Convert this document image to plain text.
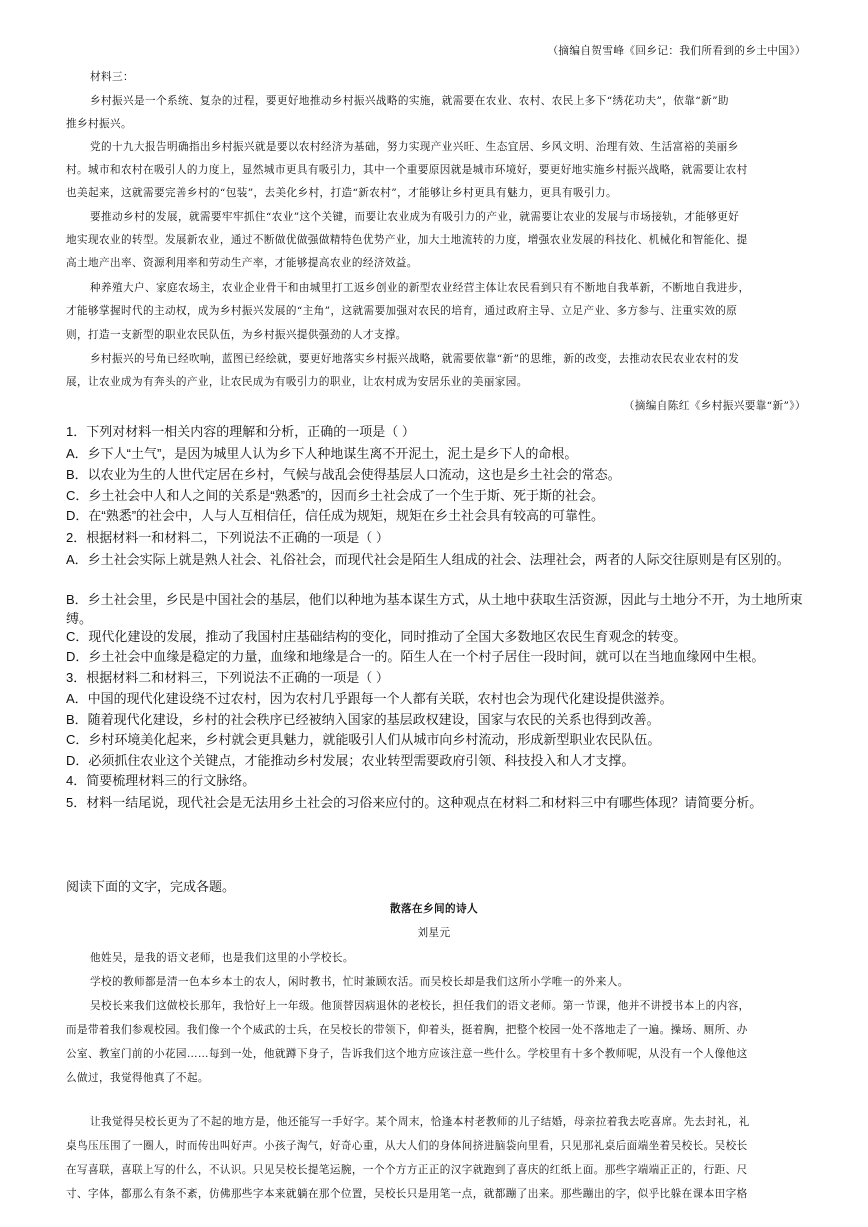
（摘编自贺雪峰《回乡记：我们所看到的乡土中国》）
材料三：
乡村振兴是一个系统、复杂的过程，要更好地推动乡村振兴战略的实施，就需要在农业、农村、农民上多下“绣花功夫”，依靠“新”助
推乡村振兴。
党的十九大报告明确指出乡村振兴就是要以农村经济为基础，努力实现产业兴旺、生态宜居、乡风文明、治理有效、生活富裕的美丽乡
村。城市和农村在吸引人的力度上，显然城市更具有吸引力，其中一个重要原因就是城市环境好，要更好地实施乡村振兴战略，就需要让农村
也美起来，这就需要完善乡村的“包装”，去美化乡村，打造“新农村”，才能够让乡村更具有魅力，更具有吸引力。
要推动乡村的发展，就需要牢牢抓住“农业”这个关键，而要让农业成为有吸引力的产业，就需要让农业的发展与市场接轨，才能够更好
地实现农业的转型。发展新农业，通过不断做优做强做精特色优势产业，加大土地流转的力度，增强农业发展的科技化、机械化和智能化、提
高土地产出率、资源利用率和劳动生产率，才能够提高农业的经济效益。
种养殖大户、家庭农场主，农业企业骨干和由城里打工返乡创业的新型农业经营主体让农民看到只有不断地自我革新，不断地自我进步，
才能够掌握时代的主动权，成为乡村振兴发展的“主角”，这就需要加强对农民的培育，通过政府主导、立足产业、多方参与、注重实效的原
则，打造一支新型的职业农民队伍，为乡村振兴提供强劲的人才支撑。
乡村振兴的号角已经吹响，蓝图已经绘就，要更好地落实乡村振兴战略，就需要依靠“新”的思维，新的改变，去推动农民农业农村的发
展，让农业成为有奔头的产业，让农民成为有吸引力的职业，让农村成为安居乐业的美丽家园。
（摘编自陈红《乡村振兴要靠“新”》）
1．下列对材料一相关内容的理解和分析，正确的一项是（ ）
A．乡下人“土气”，是因为城里人认为乡下人种地谋生离不开泥土，泥土是乡下人的命根。
B．以农业为生的人世代定居在乡村，气候与战乱会使得基层人口流动，这也是乡土社会的常态。
C．乡土社会中人和人之间的关系是“熟悉”的，因而乡土社会成了一个生于斯、死于斯的社会。
D．在“熟悉”的社会中，人与人互相信任，信任成为规矩，规矩在乡土社会具有较高的可靠性。
2．根据材料一和材料二，下列说法不正确的一项是（ ）
A．乡土社会实际上就是熟人社会、礼俗社会，而现代社会是陌生人组成的社会、法理社会，两者的人际交往原则是有区别的。
B．乡土社会里，乡民是中国社会的基层，他们以种地为基本谋生方式，从土地中获取生活资源，因此与土地分不开，为土地所束缚。
C．现代化建设的发展，推动了我国村庄基础结构的变化，同时推动了全国大多数地区农民生育观念的转变。
D．乡土社会中血缘是稳定的力量，血缘和地缘是合一的。陌生人在一个村子居住一段时间，就可以在当地血缘网中生根。
3．根据材料二和材料三，下列说法不正确的一项是（ ）
A．中国的现代化建设绕不过农村，因为农村几乎跟每一个人都有关联，农村也会为现代化建设提供滋养。
B．随着现代化建设，乡村的社会秩序已经被纳入国家的基层政权建设，国家与农民的关系也得到改善。
C．乡村环境美化起来，乡村就会更具魅力，就能吸引人们从城市向乡村流动，形成新型职业农民队伍。
D．必须抓住农业这个关键点，才能推动乡村发展；农业转型需要政府引领、科技投入和人才支撑。
4．简要梳理材料三的行文脉络。
5．材料一结尾说，现代社会是无法用乡土社会的习俗来应付的。这种观点在材料二和材料三中有哪些体现？请简要分析。
阅读下面的文字，完成各题。
散落在乡间的诗人
刘星元
他姓吴，是我的语文老师，也是我们这里的小学校长。
学校的教师都是清一色本乡本土的农人，闲时教书，忙时兼顾农活。而吴校长却是我们这所小学唯一的外来人。
吴校长来我们这做校长那年，我恰好上一年级。他顶替因病退休的老校长，担任我们的语文老师。第一节课，他并不讲授书本上的内容，
而是带着我们参观校园。我们像一个个威武的士兵，在吴校长的带领下，仰着头，挺着胸，把整个校园一处不落地走了一遍。操场、厕所、办
公室、教室门前的小花园……每到一处，他就蹲下身子，告诉我们这个地方应该注意一些什么。学校里有十多个教师呢，从没有一个人像他这
么做过，我觉得他真了不起。
让我觉得吴校长更为了不起的地方是，他还能写一手好字。某个周末，恰逢本村老教师的儿子结婚，母亲拉着我去吃喜席。先去封礼，礼
桌鸟压压围了一圈人，时而传出叫好声。小孩子淘气，好奇心重，从大人们的身体间挤进脑袋向里看，只见那礼桌后面端坐着吴校长。吴校长
在写喜联，喜联上写的什么，不认识。只见吴校长提笔运腕，一个个方方正正的汉字就跑到了喜庆的红纸上面。那些字端端正正的，行距、尺
寸、字体，都那么有条不紊，仿佛那些字本来就躺在那个位置，吴校长只是用笔一点，就都蹦了出来。那些蹦出的字，似乎比躲在课本田字格
